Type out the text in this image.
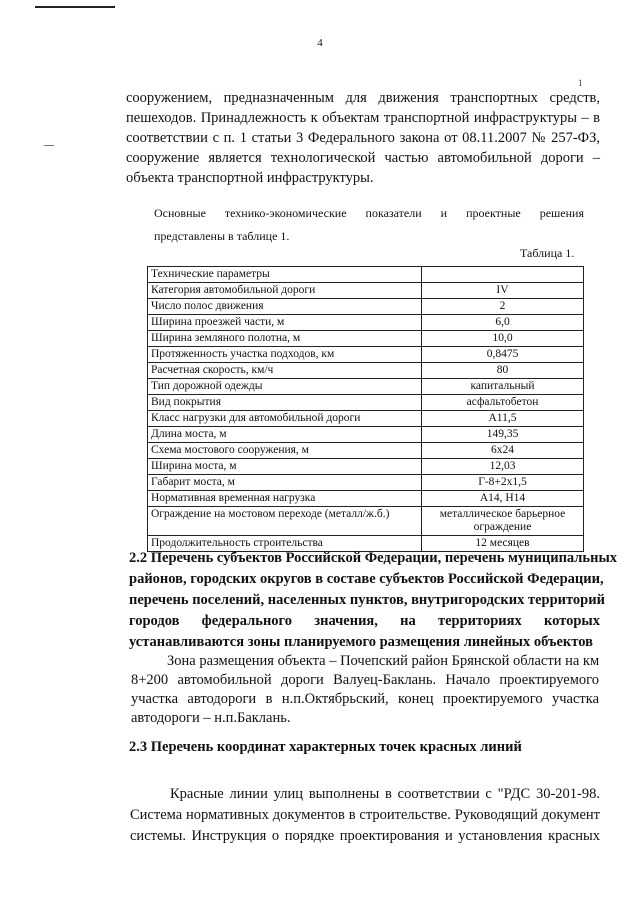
4
1
сооружением, предназначенным для движения транспортных средств,
пешеходов. Принадлежность к объектам транспортной инфраструктуры – в
соответствии с п. 1 статьи 3 Федерального закона от 08.11.2007 № 257-ФЗ,
сооружение является технологической частью автомобильной дороги –
объекта транспортной инфраструктуры.
Основные технико-экономические показатели и проектные решения
представлены в таблице 1.
Таблица 1.
Технические параметры	
Категория автомобильной дороги	IV
Число полос движения	2
Ширина проезжей части, м	6,0
Ширина земляного полотна, м	10,0
Протяженность участка подходов, км	0,8475
Расчетная скорость, км/ч	80
Тип дорожной одежды	капитальный
Вид покрытия	асфальтобетон
Класс нагрузки для автомобильной дороги	А11,5
Длина моста, м	149,35
Схема мостового сооружения, м	6х24
Ширина моста, м	12,03
Габарит моста, м	Г-8+2х1,5
Нормативная временная нагрузка	А14, Н14
Ограждение на мостовом переходе (металл/ж.б.)	металлическое барьерное ограждение
Продолжительность строительства	12 месяцев
2.2 Перечень субъектов Российской Федерации, перечень муниципальных
районов, городских округов в составе субъектов Российской Федерации,
перечень поселений, населенных пунктов, внутригородских территорий
городов федерального значения, на территориях которых
устанавливаются зоны планируемого размещения линейных объектов
Зона размещения объекта – Почепский район Брянской области на км
8+200 автомобильной дороги Валуец-Баклань. Начало проектируемого
участка автодороги в н.п.Октябрьский, конец проектируемого участка
автодороги – н.п.Баклань.
2.3 Перечень координат характерных точек красных линий
Красные линии улиц выполнены в соответствии с "РДС 30-201-98.
Система нормативных документов в строительстве. Руководящий документ
системы. Инструкция о порядке проектирования и установления красных
